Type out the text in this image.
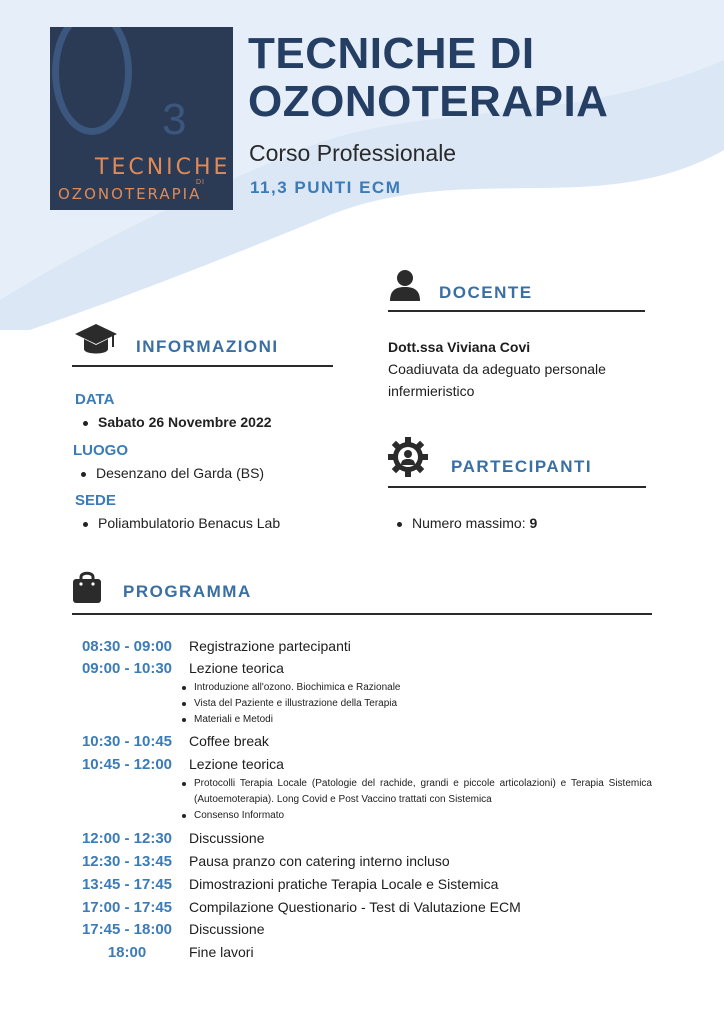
3
TECNICHE
DI
OZONOTERAPIA
TECNICHE DI
OZONOTERAPIA
Corso Professionale
11,3 PUNTI ECM
INFORMAZIONI
DATA
Sabato 26 Novembre 2022
LUOGO
Desenzano del Garda (BS)
SEDE
Poliambulatorio Benacus Lab
DOCENTE
Dott.ssa Viviana Covi
Coadiuvata da adeguato personale infermieristico
PARTECIPANTI
Numero massimo: 9
PROGRAMMA
08:30 - 09:00	Registrazione partecipanti
09:00 - 10:30	Lezione teorica
Introduzione all'ozono. Biochimica e Razionale
Vista del Paziente e illustrazione della Terapia
Materiali e Metodi
10:30 - 10:45	Coffee break
10:45 - 12:00	Lezione teorica
Protocolli Terapia Locale (Patologie del rachide, grandi e piccole articolazioni) e Terapia Sistemica (Autoemoterapia). Long Covid e Post Vaccino trattati con Sistemica
Consenso Informato
12:00 - 12:30	Discussione
12:30 - 13:45	Pausa pranzo con catering interno incluso
13:45 - 17:45	Dimostrazioni pratiche Terapia Locale e Sistemica
17:00 - 17:45	Compilazione Questionario - Test di Valutazione ECM
17:45 - 18:00	Discussione
18:00	Fine lavori
